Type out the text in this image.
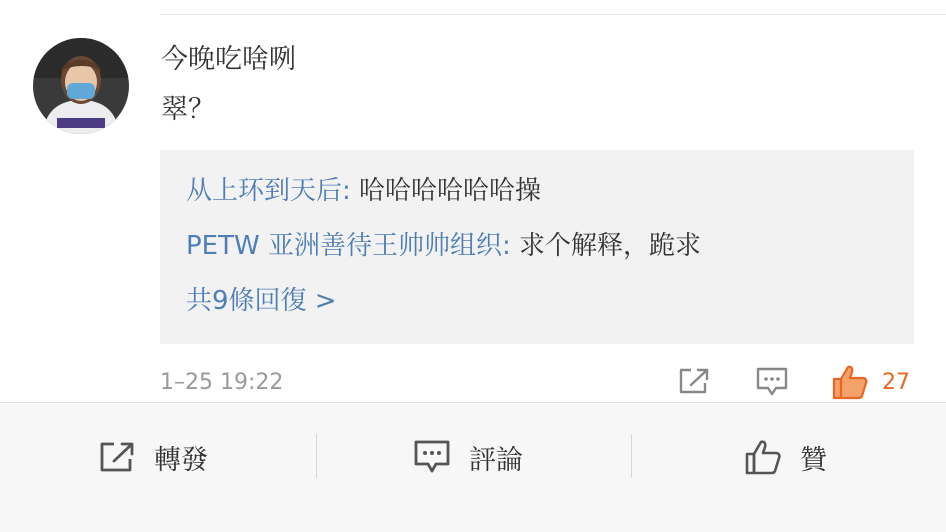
今晚吃啥咧
翠？
从上环到天后: 哈哈哈哈哈哈操
PETW 亚洲善待王帅帅组织: 求个解释，跪求
共9條回復 >
1–25 19:22	27
轉發	評論	贊
